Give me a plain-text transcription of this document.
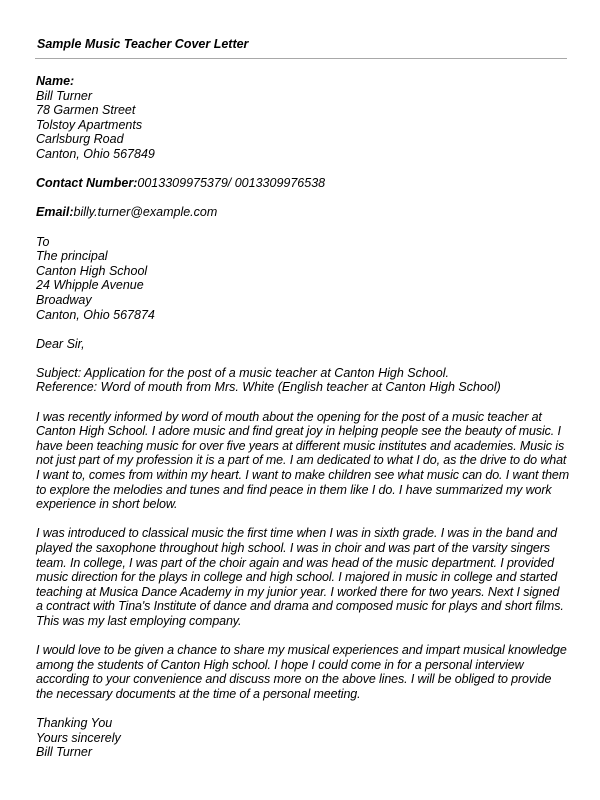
Sample Music Teacher Cover Letter
Name:
Bill Turner
78 Garmen Street
Tolstoy Apartments
Carlsburg Road
Canton, Ohio 567849
Contact Number:0013309975379/ 0013309976538
Email:billy.turner@example.com
To
The principal
Canton High School
24 Whipple Avenue
Broadway
Canton, Ohio 567874
Dear Sir,
Subject: Application for the post of a music teacher at Canton High School.
Reference: Word of mouth from Mrs. White (English teacher at Canton High School)
I was recently informed by word of mouth about the opening for the post of a music teacher at
Canton High School. I adore music and find great joy in helping people see the beauty of music. I
have been teaching music for over five years at different music institutes and academies. Music is
not just part of my profession it is a part of me. I am dedicated to what I do, as the drive to do what
I want to, comes from within my heart. I want to make children see what music can do. I want them
to explore the melodies and tunes and find peace in them like I do. I have summarized my work
experience in short below.
I was introduced to classical music the first time when I was in sixth grade. I was in the band and
played the saxophone throughout high school. I was in choir and was part of the varsity singers
team. In college, I was part of the choir again and was head of the music department. I provided
music direction for the plays in college and high school. I majored in music in college and started
teaching at Musica Dance Academy in my junior year. I worked there for two years. Next I signed
a contract with Tina's Institute of dance and drama and composed music for plays and short films.
This was my last employing company.
I would love to be given a chance to share my musical experiences and impart musical knowledge
among the students of Canton High school. I hope I could come in for a personal interview
according to your convenience and discuss more on the above lines. I will be obliged to provide
the necessary documents at the time of a personal meeting.
Thanking You
Yours sincerely
Bill Turner
